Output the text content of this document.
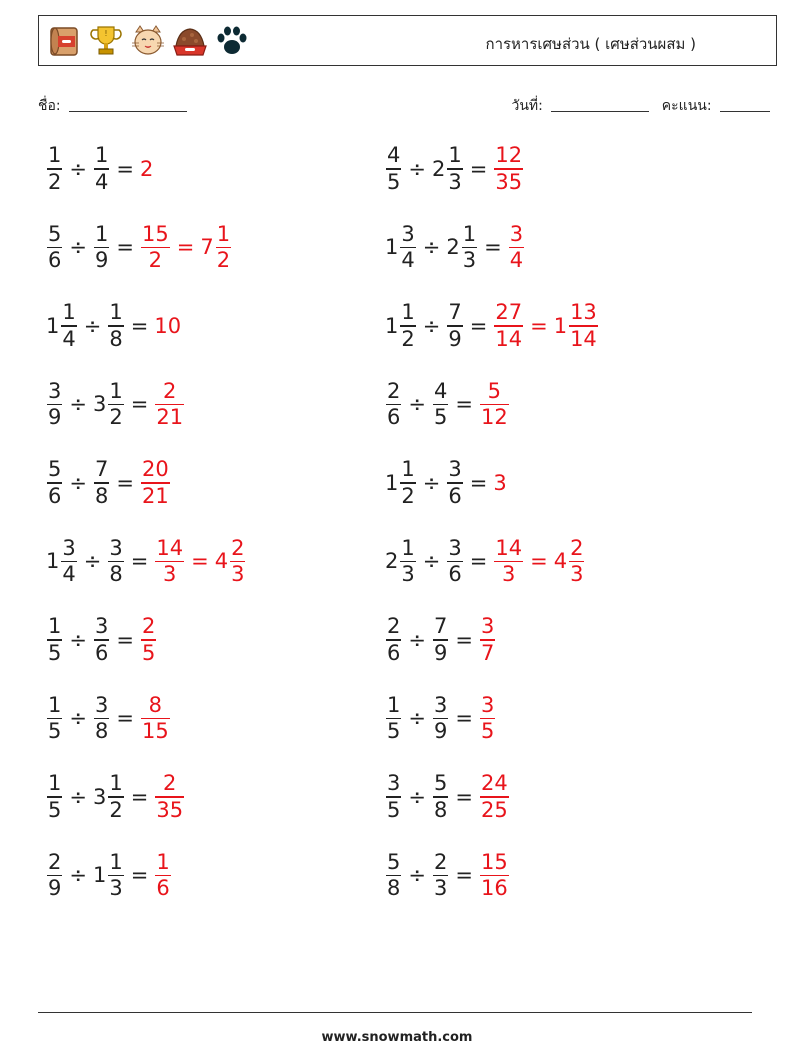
!
การหารเศษส่วน ( เศษส่วนผสม )
ชื่อ:	วันที่:	คะแนน:
$\frac{1}{2} \div \frac{1}{4} = 2$	$\frac{4}{5} \div 2 \frac{1}{3} = \frac{12}{35}$
$\frac{5}{6} \div \frac{1}{9} = \frac{15}{2} = 7 \frac{1}{2}$	$1 \frac{3}{4} \div 2 \frac{1}{3} = \frac{3}{4}$
$1 \frac{1}{4} \div \frac{1}{8} = 10$	$1 \frac{1}{2} \div \frac{7}{9} = \frac{27}{14} = 1 \frac{13}{14}$
$\frac{3}{9} \div 3 \frac{1}{2} = \frac{2}{21}$	$\frac{2}{6} \div \frac{4}{5} = \frac{5}{12}$
$\frac{5}{6} \div \frac{7}{8} = \frac{20}{21}$	$1 \frac{1}{2} \div \frac{3}{6} = 3$
$1 \frac{3}{4} \div \frac{3}{8} = \frac{14}{3} = 4 \frac{2}{3}$	$2 \frac{1}{3} \div \frac{3}{6} = \frac{14}{3} = 4 \frac{2}{3}$
$\frac{1}{5} \div \frac{3}{6} = \frac{2}{5}$	$\frac{2}{6} \div \frac{7}{9} = \frac{3}{7}$
$\frac{1}{5} \div \frac{3}{8} = \frac{8}{15}$	$\frac{1}{5} \div \frac{3}{9} = \frac{3}{5}$
$\frac{1}{5} \div 3 \frac{1}{2} = \frac{2}{35}$	$\frac{3}{5} \div \frac{5}{8} = \frac{24}{25}$
$\frac{2}{9} \div 1 \frac{1}{3} = \frac{1}{6}$	$\frac{5}{8} \div \frac{2}{3} = \frac{15}{16}$
www.snowmath.com
